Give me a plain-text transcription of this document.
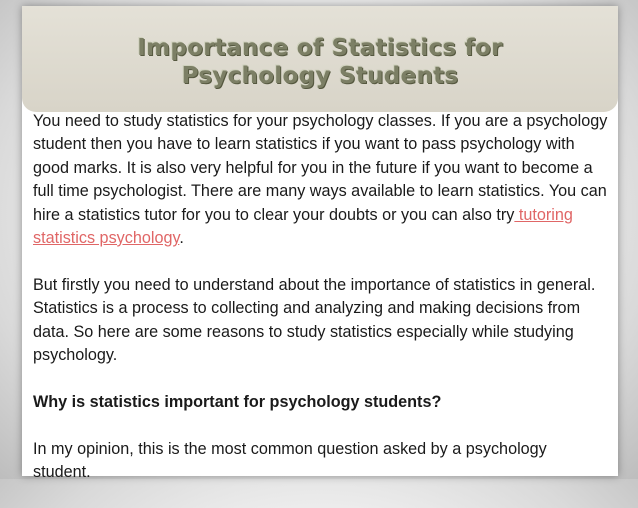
Importance of Statistics for
Psychology Students

You need to study statistics for your psychology classes. If you are a psychology student then you have to learn statistics if you want to pass psychology with good marks. It is also very helpful for you in the future if you want to become a full time psychologist. There are many ways available to learn statistics. You can hire a statistics tutor for you to clear your doubts or you can also try tutoring statistics psychology.

But firstly you need to understand about the importance of statistics in general. Statistics is a process to collecting and analyzing and making decisions from data. So here are some reasons to study statistics especially while studying psychology.

Why is statistics important for psychology students?

In my opinion, this is the most common question asked by a psychology student.
